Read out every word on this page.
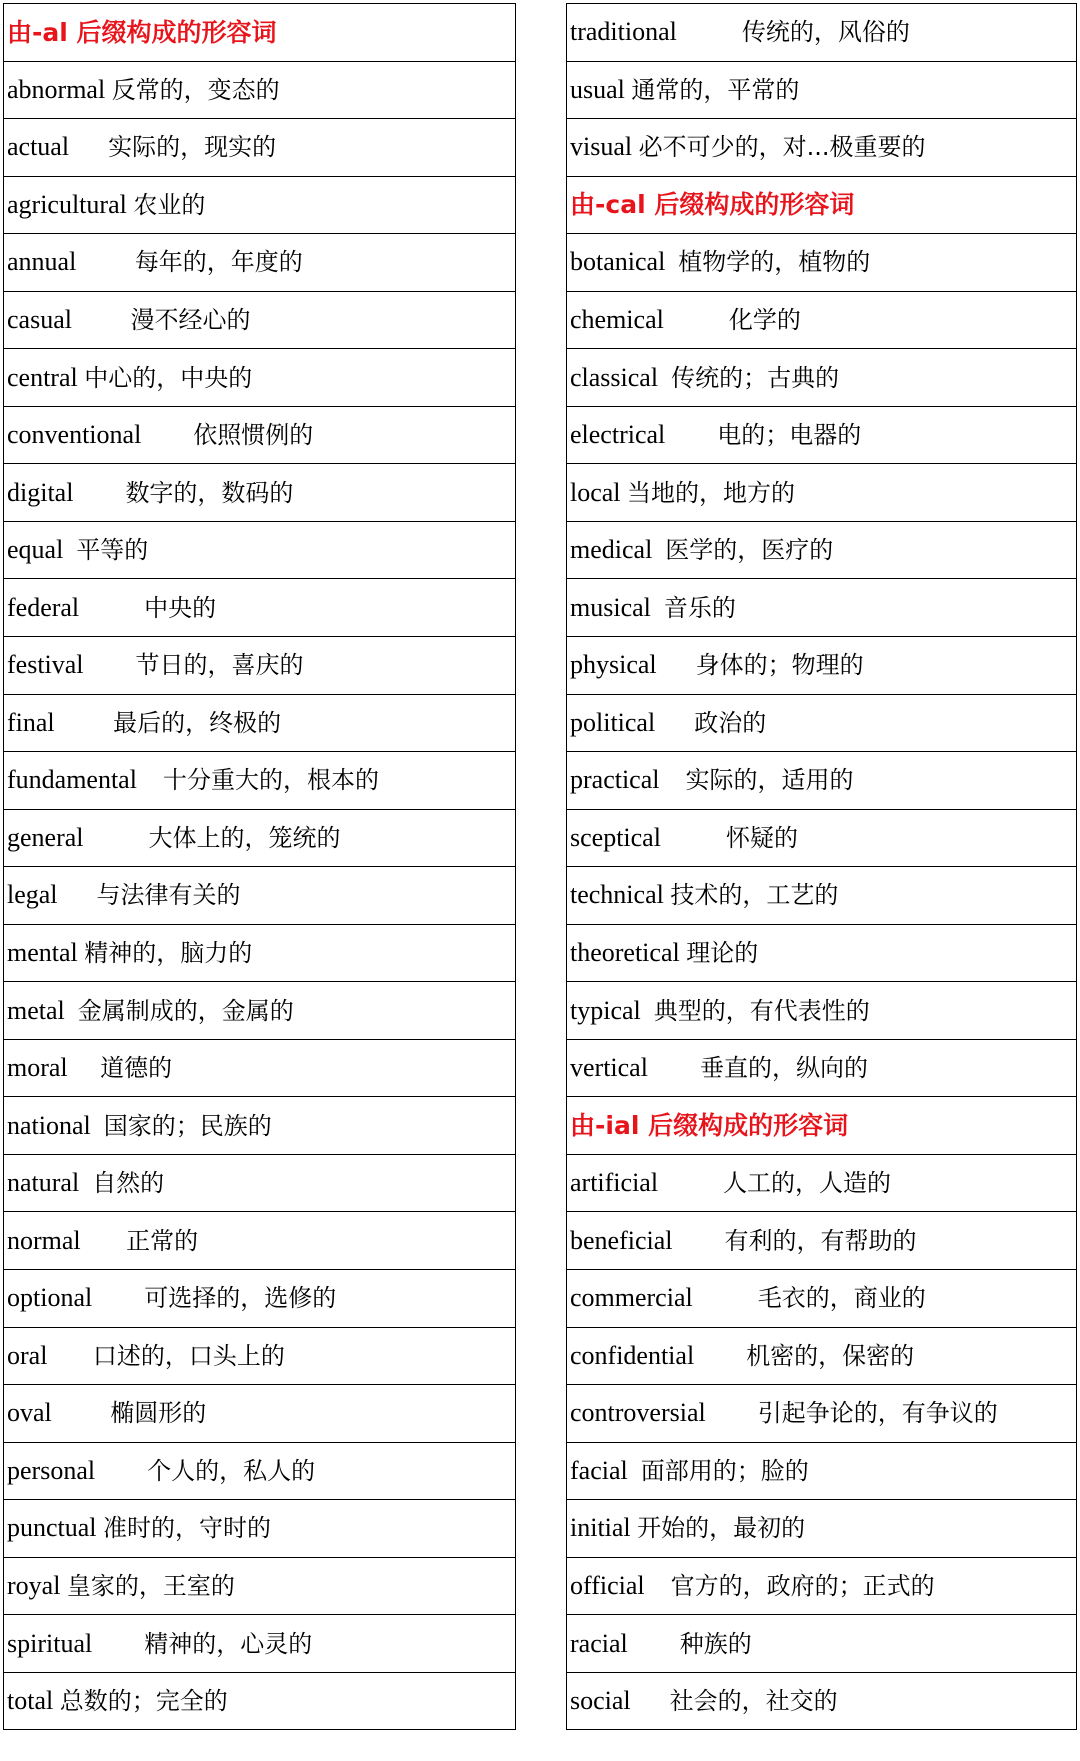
由-al 后缀构成的形容词
abnormal 反常的，变态的
actual 实际的，现实的
agricultural 农业的
annual 每年的，年度的
casual 漫不经心的
central 中心的，中央的
conventional 依照惯例的
digital 数字的，数码的
equal 平等的
federal	中央的
festival 节日的，喜庆的
final 最后的，终极的
fundamental 十分重大的，根本的
general	大体上的，笼统的
legal 与法律有关的
mental 精神的，脑力的
metal 金属制成的，金属的
moral 道德的
national 国家的；民族的
natural 自然的
normal 正常的
optional 可选择的，选修的
oral 口述的，口头上的
oval 椭圆形的
personal 个人的，私人的
punctual 准时的，守时的
royal 皇家的，王室的
spiritual 精神的，心灵的
total 总数的；完全的
traditional	传统的，风俗的
usual 通常的，平常的
visual 必不可少的，对...极重要的
由-cal 后缀构成的形容词
botanical 植物学的，植物的
chemical	化学的
classical 传统的；古典的
electrical 电的；电器的
local 当地的，地方的
medical 医学的，医疗的
musical 音乐的
physical 身体的；物理的
political 政治的
practical 实际的，适用的
sceptical	怀疑的
technical 技术的，工艺的
theoretical 理论的
typical 典型的，有代表性的
vertical 垂直的，纵向的
由-ial 后缀构成的形容词
artificial	人工的，人造的
beneficial 有利的，有帮助的
commercial	毛衣的，商业的
confidential 机密的，保密的
controversial 引起争论的，有争议的
facial 面部用的；脸的
initial 开始的，最初的
official 官方的，政府的；正式的
racial 种族的
social 社会的，社交的
